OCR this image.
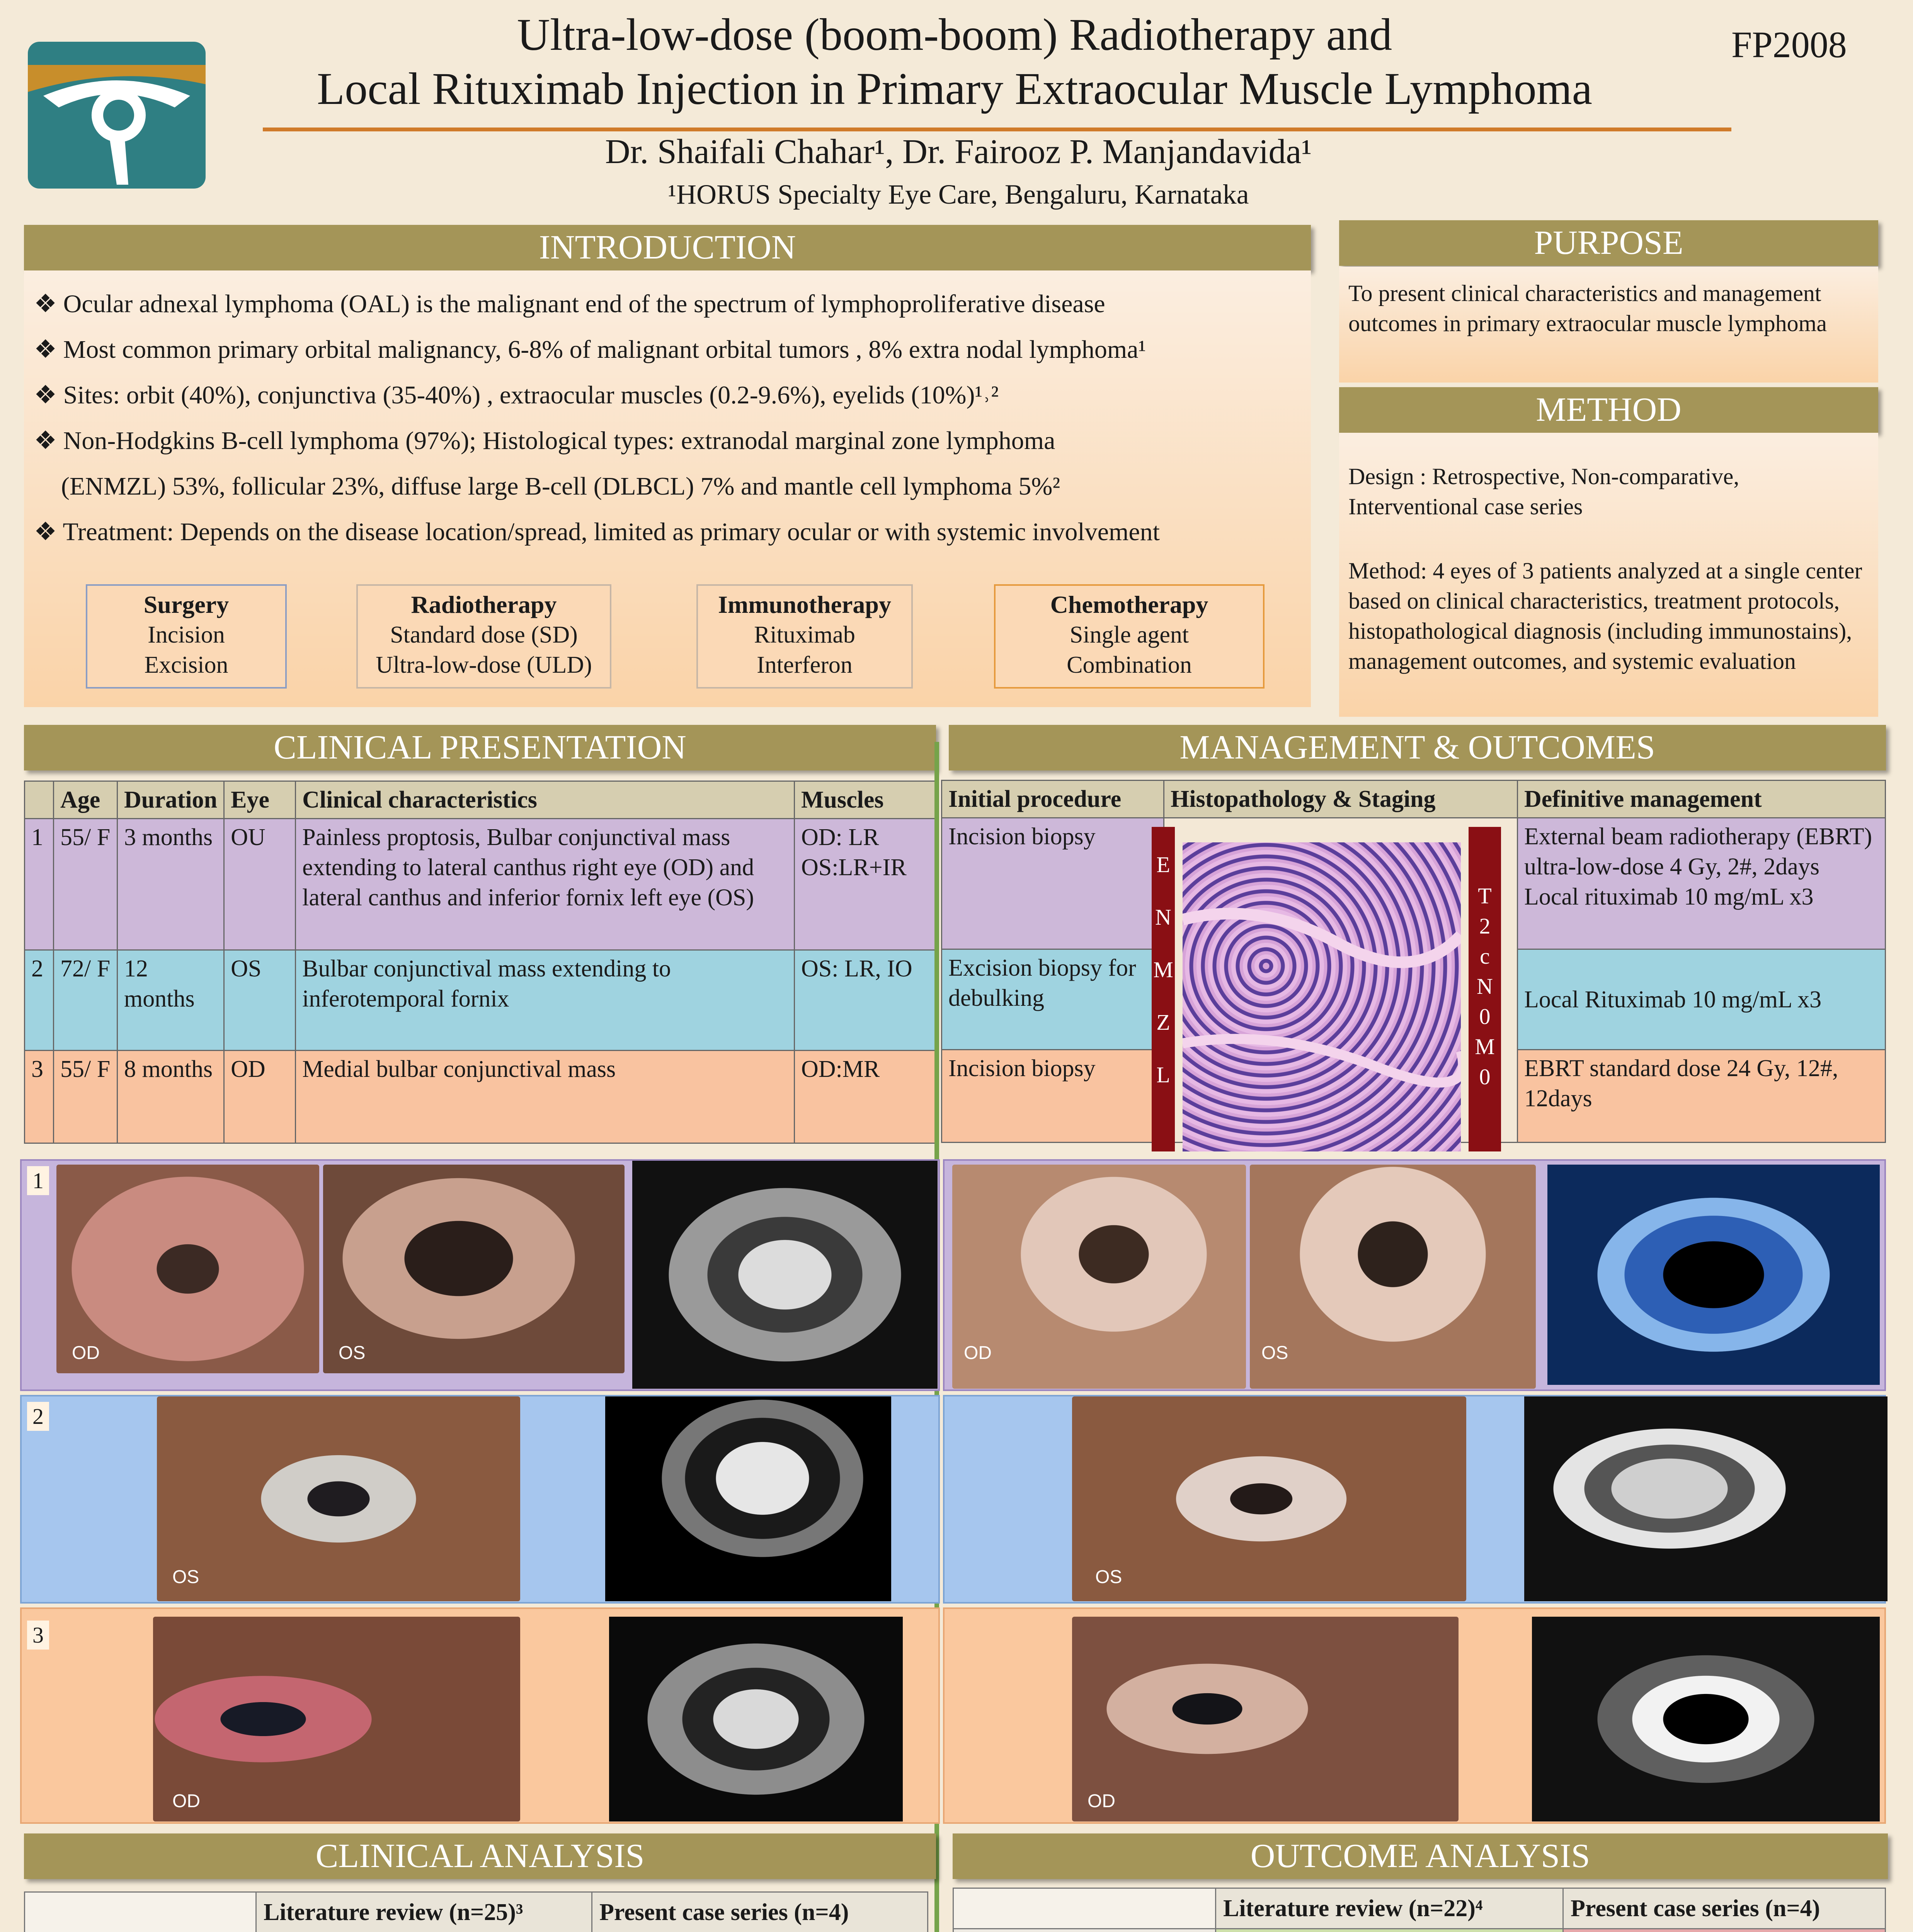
Ultra-low-dose (boom-boom) Radiotherapy and
Local Rituximab Injection in Primary Extraocular Muscle Lymphoma
Dr. Shaifali Chahar¹, Dr. Fairooz P. Manjandavida¹
¹HORUS Specialty Eye Care, Bengaluru, Karnataka
FP2008
INTRODUCTION
❖ Ocular adnexal lymphoma (OAL) is the malignant end of the spectrum of lymphoproliferative disease
❖ Most common primary orbital malignancy, 6-8% of malignant orbital tumors , 8% extra nodal lymphoma¹
❖ Sites: orbit (40%), conjunctiva (35-40%) , extraocular muscles (0.2-9.6%), eyelids (10%)¹˒²
❖ Non-Hodgkins B-cell lymphoma (97%); Histological types: extranodal marginal zone lymphoma
(ENMZL) 53%, follicular 23%, diffuse large B-cell (DLBCL) 7% and mantle cell lymphoma 5%²
❖ Treatment: Depends on the disease location/spread, limited as primary ocular or with systemic involvement
Surgery
Incision
Excision
Radiotherapy
Standard dose (SD)
Ultra-low-dose (ULD)
Immunotherapy
Rituximab
Interferon
Chemotherapy
Single agent
Combination
PURPOSE
To present clinical characteristics and management outcomes in primary extraocular muscle lymphoma
METHOD
Design : Retrospective, Non-comparative, Interventional case series
Method: 4 eyes of 3 patients analyzed at a single center based on clinical characteristics, treatment protocols, histopathological diagnosis (including immunostains), management outcomes, and systemic evaluation
CLINICAL PRESENTATION
	Age	Duration	Eye	Clinical characteristics	Muscles
1	55/ F	3 months	OU	Painless proptosis, Bulbar conjunctival mass extending to lateral canthus right eye (OD) and lateral canthus and inferior fornix left eye (OS)	OD: LR OS:LR+IR
2	72/ F	12 months	OS	Bulbar conjunctival mass extending to inferotemporal fornix	OS: LR, IO
3	55/ F	8 months	OD	Medial bulbar conjunctival mass	OD:MR
MANAGEMENT & OUTCOMES
Initial procedure	Histopathology & Staging	Definitive management
Incision biopsy		External beam radiotherapy (EBRT) ultra-low-dose 4 Gy, 2#, 2days Local rituximab 10 mg/mL x3
Excision biopsy for debulking		Local Rituximab 10 mg/mL x3
Incision biopsy		EBRT standard dose 24 Gy, 12#, 12days
E
N
M
Z
L
T
2
c
N
0
M
0
1
OD	OS	OD	OS
2
OS	OS
3
OD	OD
CLINICAL ANALYSIS
	Literature review (n=25)³	Present case series (n=4)

OUTCOME ANALYSIS
	Literature review (n=22)⁴	Present case series (n=4)
